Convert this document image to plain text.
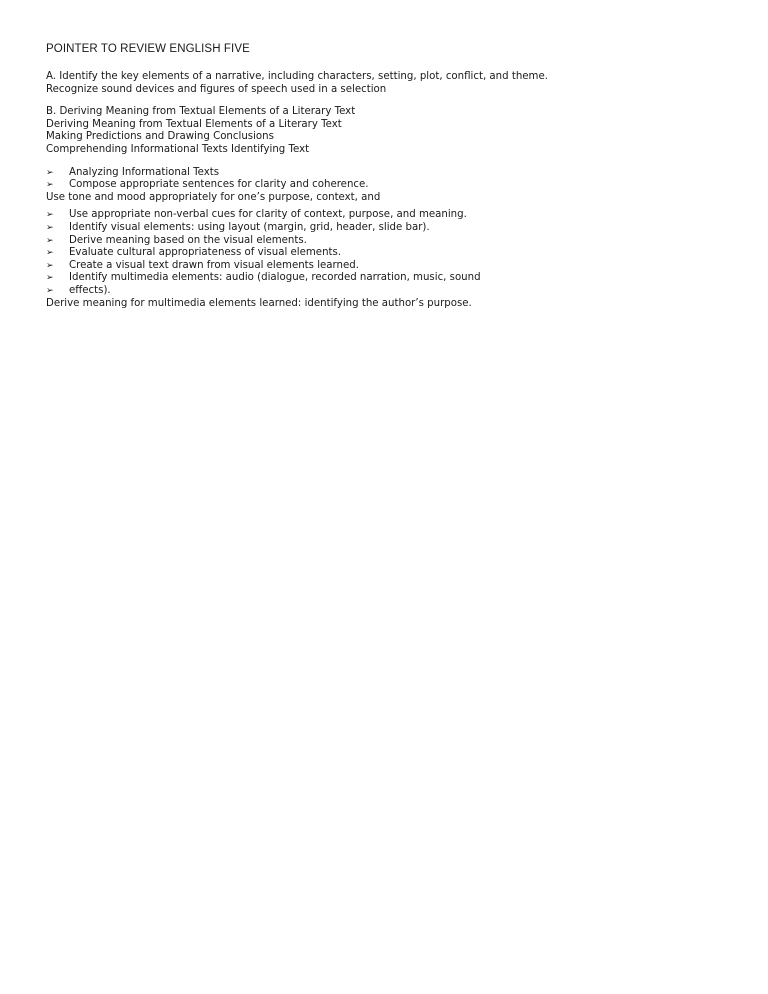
POINTER TO REVIEW ENGLISH FIVE

A. Identify the key elements of a narrative, including characters, setting, plot, conflict, and theme.

Recognize sound devices and figures of speech used in a selection

B. Deriving Meaning from Textual Elements of a Literary Text

Deriving Meaning from Textual Elements of a Literary Text

Making Predictions and Drawing Conclusions

Comprehending Informational Texts Identifying Text

➢	Analyzing Informational Texts
➢	Compose appropriate sentences for clarity and coherence.

Use tone and mood appropriately for one’s purpose, context, and

➢	Use appropriate non-verbal cues for clarity of context, purpose, and meaning.
➢	Identify visual elements: using layout (margin, grid, header, slide bar).
➢	Derive meaning based on the visual elements.
➢	Evaluate cultural appropriateness of visual elements.
➢	Create a visual text drawn from visual elements learned.
➢	Identify multimedia elements: audio (dialogue, recorded narration, music, sound
➢	effects).

Derive meaning for multimedia elements learned: identifying the author’s purpose.
